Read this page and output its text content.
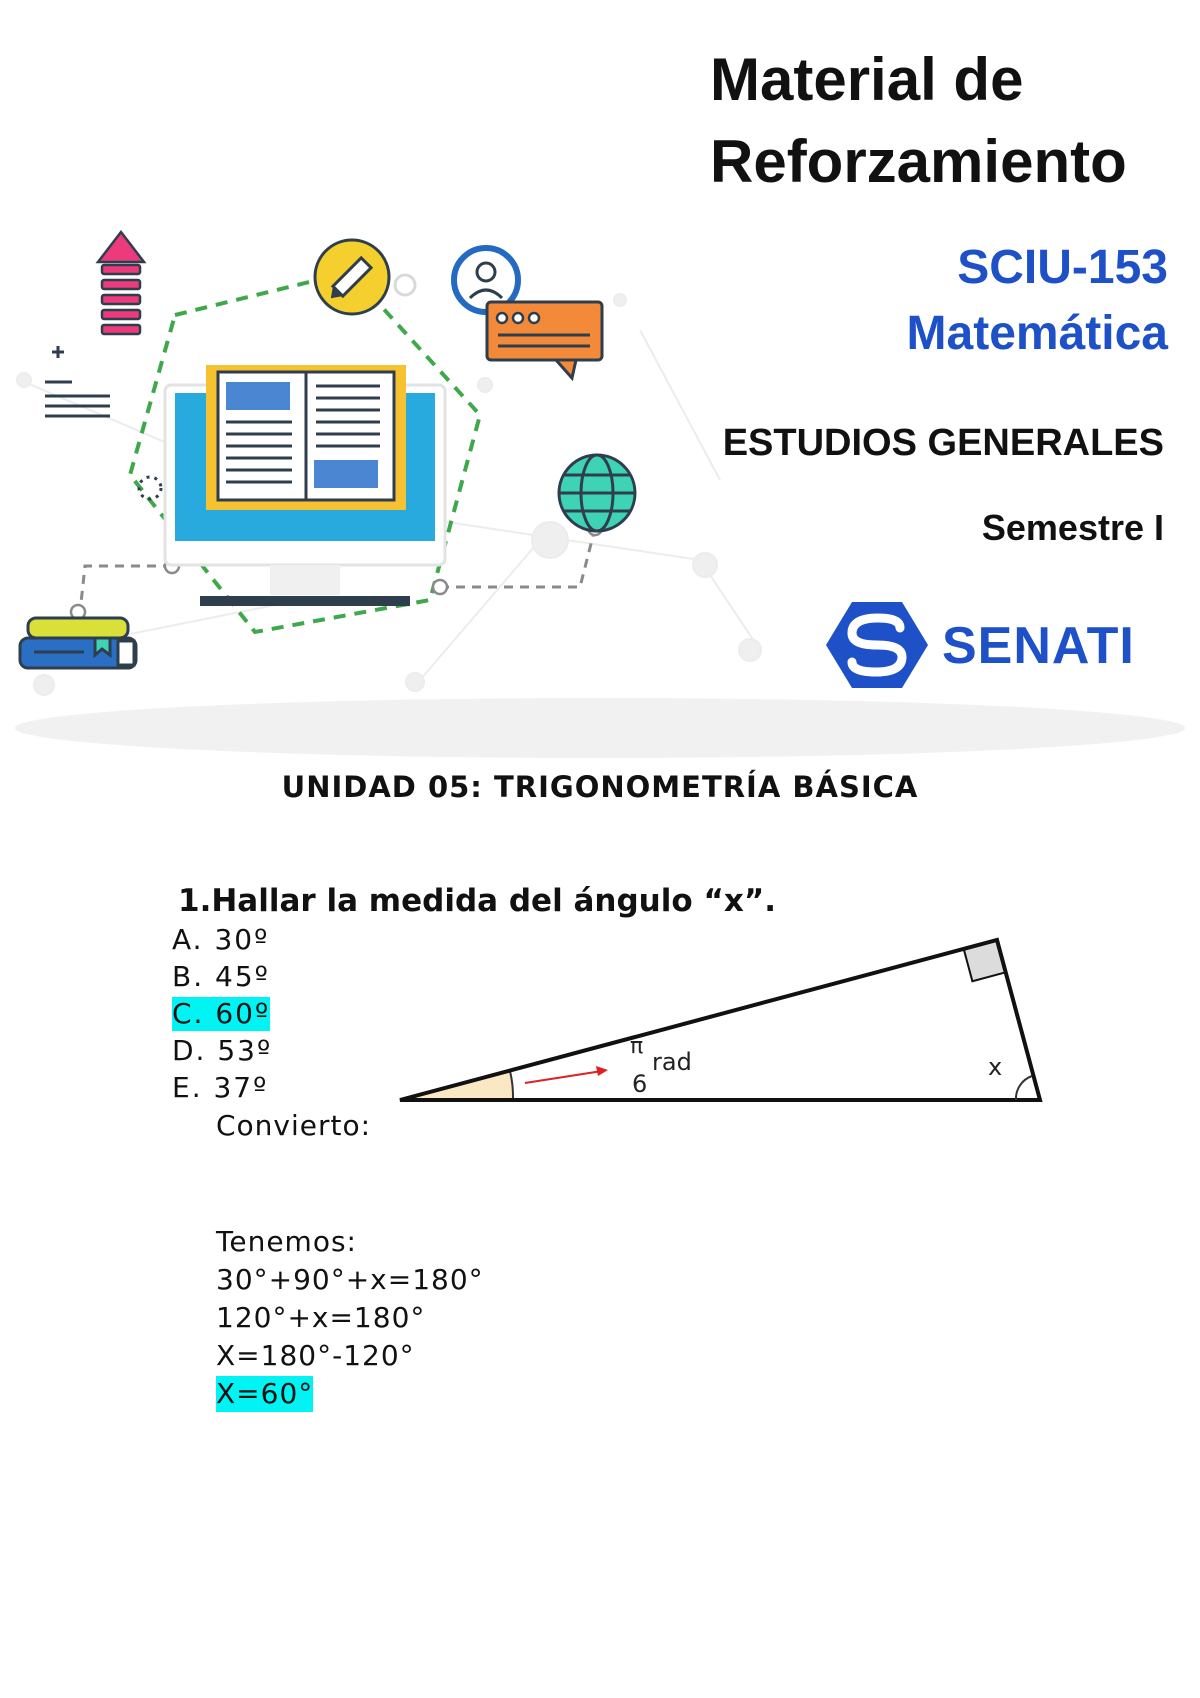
Material de
Reforzamiento
SCIU-153
Matemática
ESTUDIOS GENERALES
Semestre I
SENATI
UNIDAD 05: TRIGONOMETRÍA BÁSICA
1.Hallar la medida del ángulo “x”.
A. 30º
B. 45º
C. 60º
D. 53º
E. 37º
π
6
rad	x
Convierto:
Tenemos:
30°+90°+x=180°
120°+x=180°
X=180°-120°
X=60°
